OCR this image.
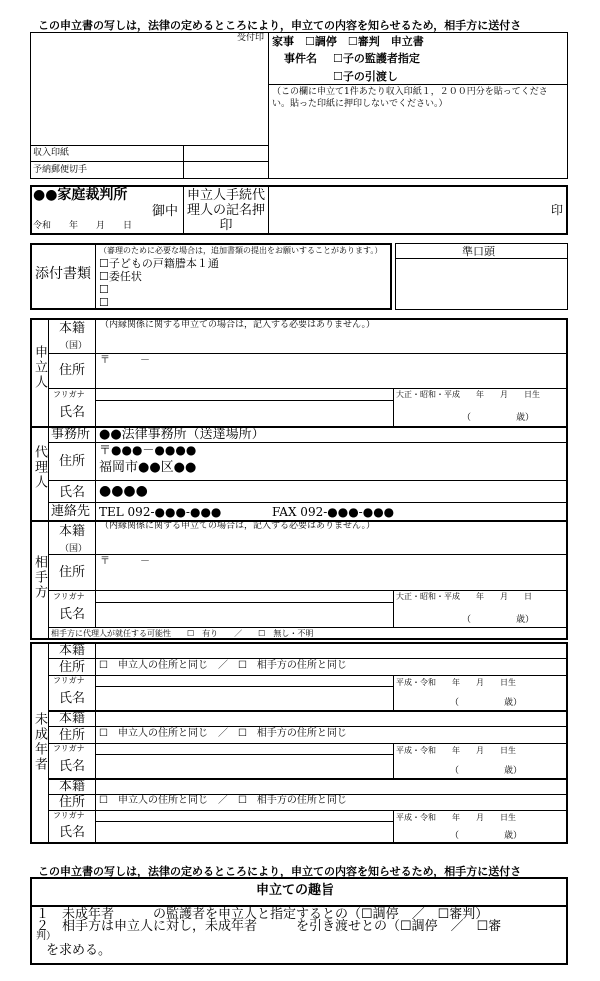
この申立書の写しは，法律の定めるところにより，申立ての内容を知らせるため，相手方に送付さ
受付印 家事　☐調停　☐審判　申立書
事件名 ☐子の監護者指定
☐子の引渡し
（この欄に申立て1件あたり収入印紙１，２００円分を貼ってください。貼った印紙に押印しないでください。）
収入印紙
予納郵便切手
●●家庭裁判所
御中
令和　　年　　月　　日
申立人手続代理人の記名押印
印
添付書類
（審理のために必要な場合は，追加書類の提出をお願いすることがあります。）
☐子どもの戸籍謄本１通
☐委任状
☐
☐
準口頭
申立人
本籍
（国）
（内縁関係に関する申立ての場合は，記入する必要はありません。）
住所
〒　　　－
フリガナ
氏名
大正・昭和・平成　　年　　月　　日生
（　　　　　歳）
代理人
事務所 ●●法律事務所（送達場所）
住所
〒●●●－●●●●
福岡市●●区●●
氏名 ●●●●
連絡先 TEL 092-●●●-●●●	FAX 092-●●●-●●●
相手方
本籍
（国）
（内縁関係に関する申立ての場合は，記入する必要はありません。）
住所
〒　　　－
フリガナ
氏名
大正・昭和・平成　　年　　月　　日
（　　　　　歳）
相手方に代理人が就任する可能性　　☐　有り　　／　　☐　無し・不明
未成年者
本籍
住所 ☐　申立人の住所と同じ　／　☐　相手方の住所と同じ
フリガナ
氏名
平成・令和　　年　　月　　日生
（　　　　　歳）
本籍
住所 ☐　申立人の住所と同じ　／　☐　相手方の住所と同じ
フリガナ
氏名
平成・令和　　年　　月　　日生
（　　　　　歳）
本籍
住所 ☐　申立人の住所と同じ　／　☐　相手方の住所と同じ
フリガナ
氏名
平成・令和　　年　　月　　日生
（　　　　　歳）
この申立書の写しは，法律の定めるところにより，申立ての内容を知らせるため，相手方に送付さ
申立ての趣旨
１　未成年者　　　の監護者を申立人と指定するとの（☐調停　／　☐審判）
２　相手方は申立人に対し，未成年者　　　を引き渡せとの（☐調停　／　☐審
判）
を求める。
